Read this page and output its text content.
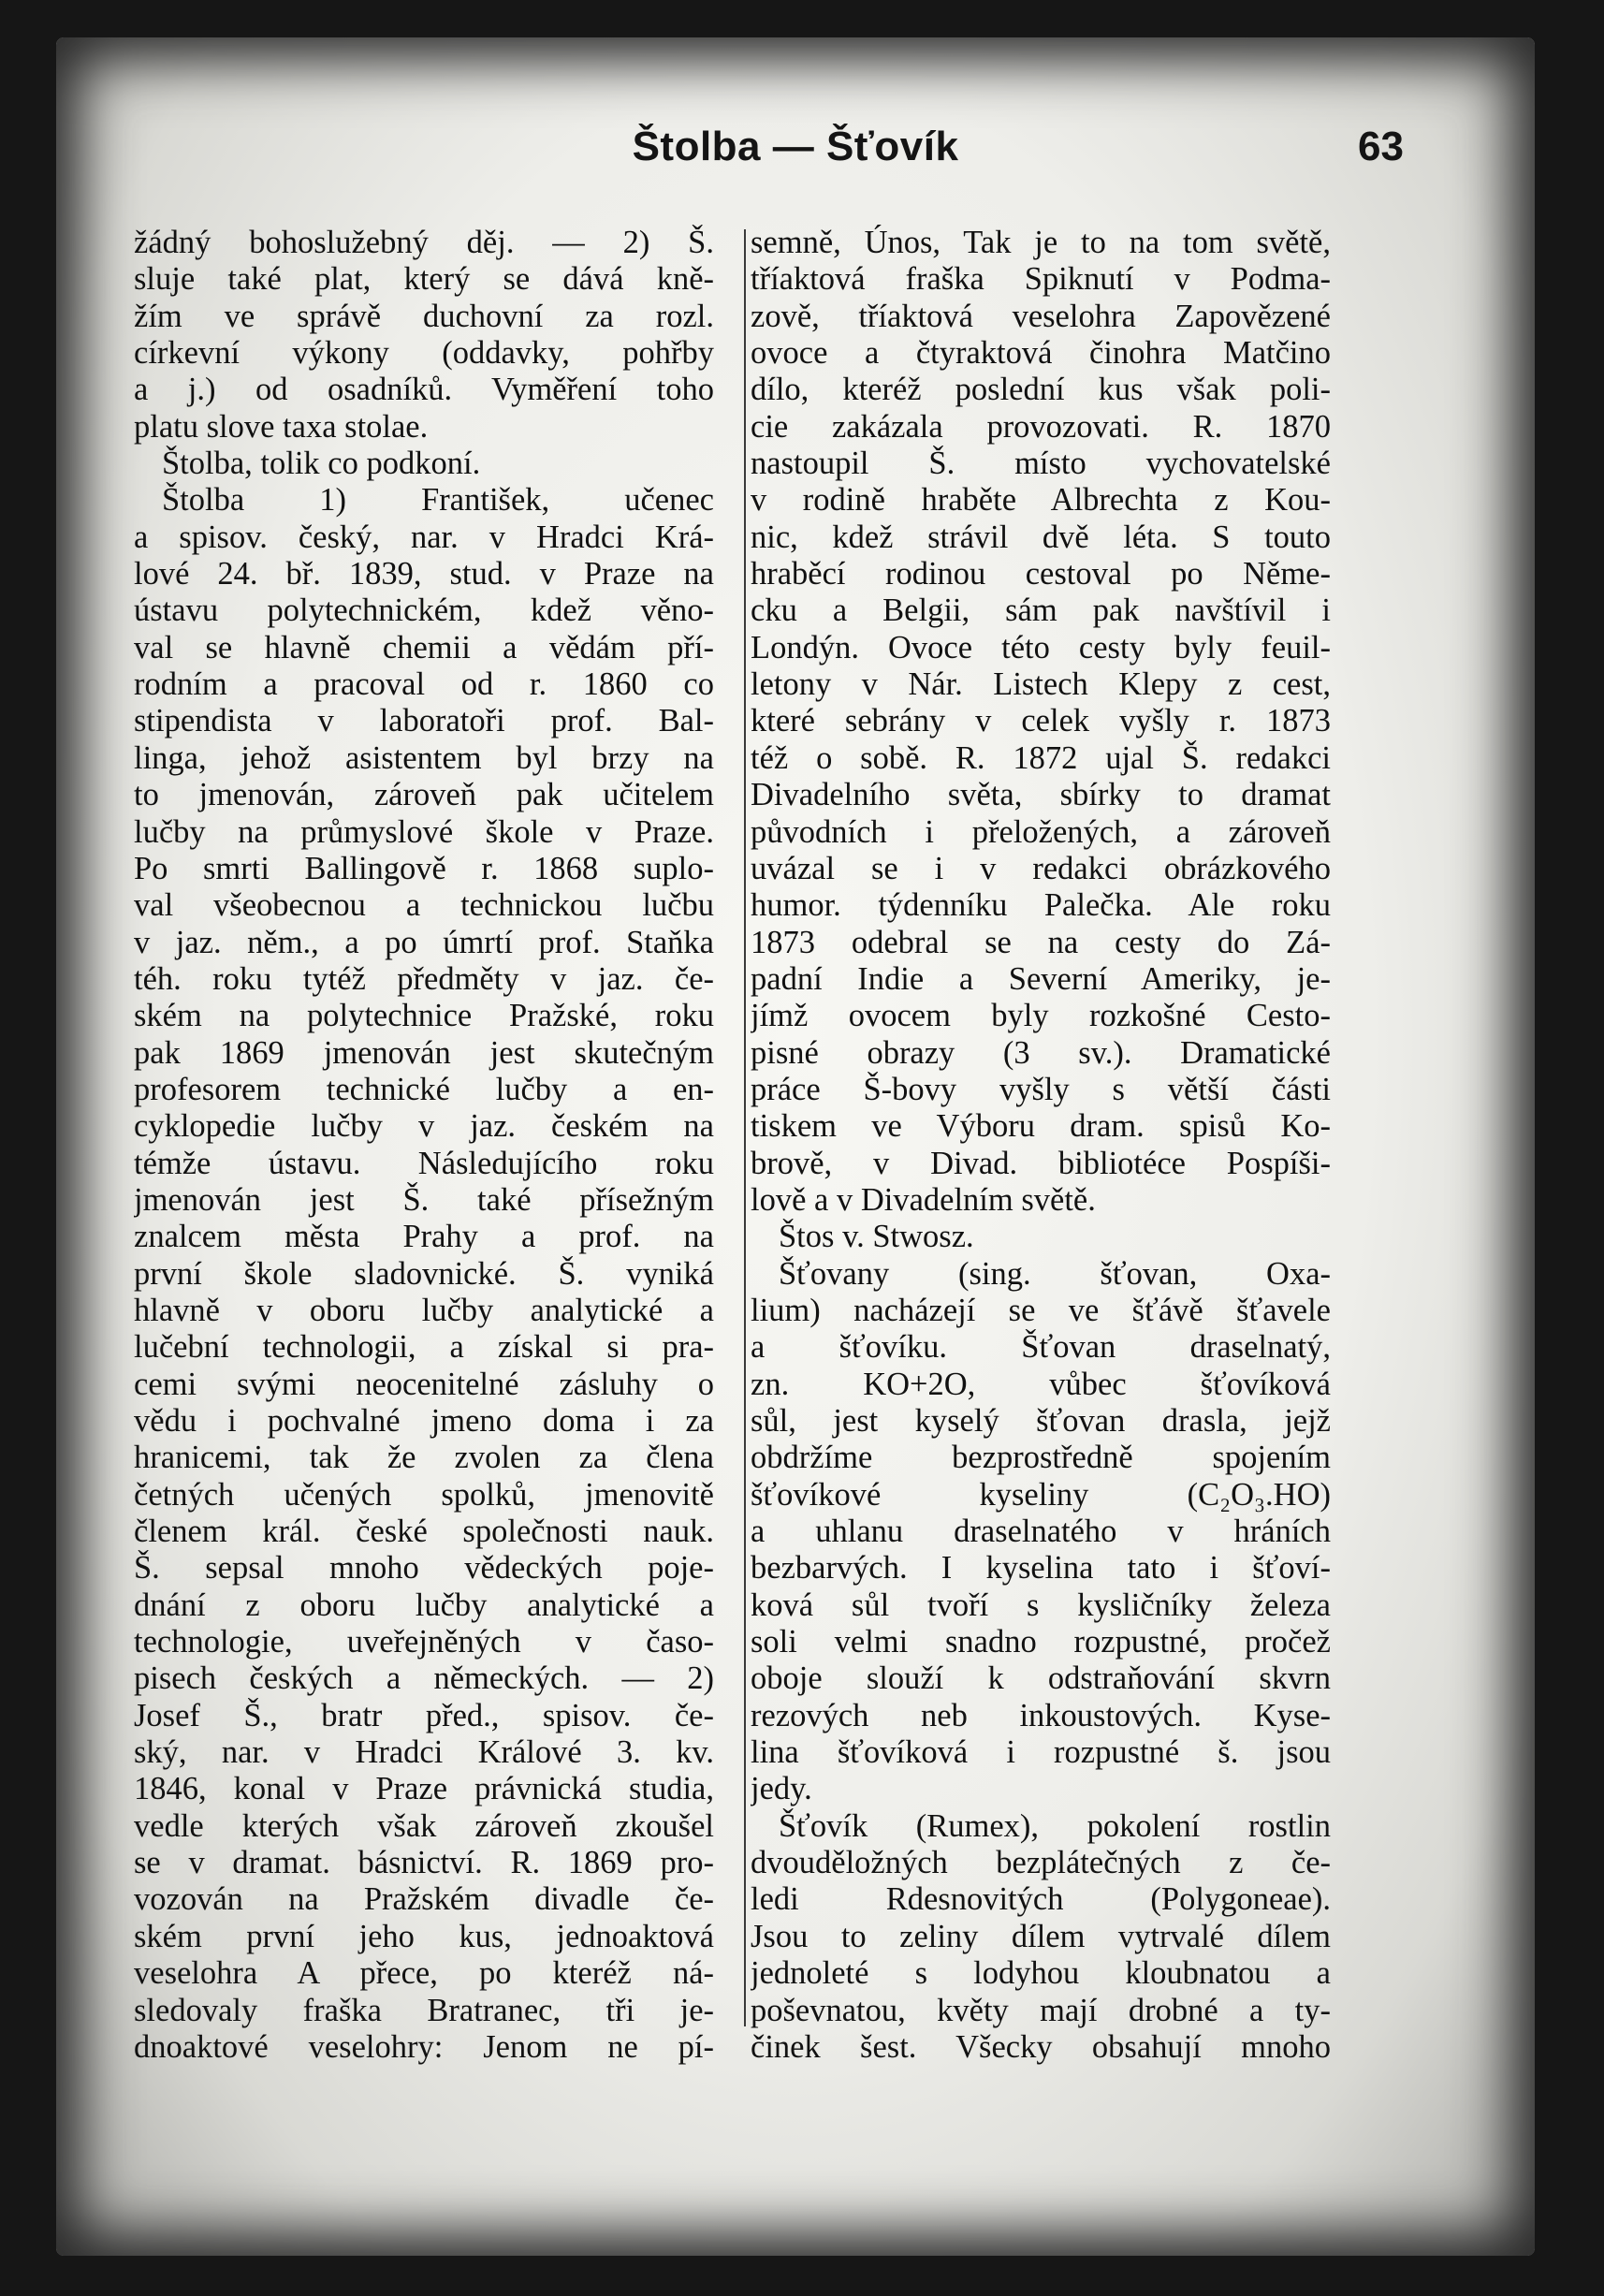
Štolba — Šťovík	63
žádný bohoslužebný děj. — 2) Š.
sluje také plat, který se dává kně-
žím ve správě duchovní za rozl.
církevní výkony (oddavky, pohřby
a j.) od osadníků. Vyměření toho
platu slove taxa stolae.
Štolba, tolik co podkoní.
Štolba 1) František, učenec
a spisov. český, nar. v Hradci Krá-
lové 24. bř. 1839, stud. v Praze na
ústavu polytechnickém, kdež věno-
val se hlavně chemii a vědám pří-
rodním a pracoval od r. 1860 co
stipendista v laboratoři prof. Bal-
linga, jehož asistentem byl brzy na
to jmenován, zároveň pak učitelem
lučby na průmyslové škole v Praze.
Po smrti Ballingově r. 1868 suplo-
val všeobecnou a technickou lučbu
v jaz. něm., a po úmrtí prof. Staňka
téh. roku tytéž předměty v jaz. če-
ském na polytechnice Pražské, roku
pak 1869 jmenován jest skutečným
profesorem technické lučby a en-
cyklopedie lučby v jaz. českém na
témže ústavu. Následujícího roku
jmenován jest Š. také přísežným
znalcem města Prahy a prof. na
první škole sladovnické. Š. vyniká
hlavně v oboru lučby analytické a
lučební technologii, a získal si pra-
cemi svými neocenitelné zásluhy o
vědu i pochvalné jmeno doma i za
hranicemi, tak že zvolen za člena
četných učených spolků, jmenovitě
členem král. české společnosti nauk.
Š. sepsal mnoho vědeckých poje-
dnání z oboru lučby analytické a
technologie, uveřejněných v časo-
pisech českých a německých. — 2)
Josef Š., bratr před., spisov. če-
ský, nar. v Hradci Králové 3. kv.
1846, konal v Praze právnická studia,
vedle kterých však zároveň zkoušel
se v dramat. básnictví. R. 1869 pro-
vozován na Pražském divadle če-
ském první jeho kus, jednoaktová
veselohra A přece, po kteréž ná-
sledovaly fraška Bratranec, tři je-
dnoaktové veselohry: Jenom ne pí-
semně, Únos, Tak je to na tom světě,
tříaktová fraška Spiknutí v Podma-
zově, tříaktová veselohra Zapovězené
ovoce a čtyraktová činohra Matčino
dílo, kteréž poslední kus však poli-
cie zakázala provozovati. R. 1870
nastoupil Š. místo vychovatelské
v rodině hraběte Albrechta z Kou-
nic, kdež strávil dvě léta. S touto
hraběcí rodinou cestoval po Něme-
cku a Belgii, sám pak navštívil i
Londýn. Ovoce této cesty byly feuil-
letony v Nár. Listech Klepy z cest,
které sebrány v celek vyšly r. 1873
též o sobě. R. 1872 ujal Š. redakci
Divadelního světa, sbírky to dramat
původních i přeložených, a zároveň
uvázal se i v redakci obrázkového
humor. týdenníku Palečka. Ale roku
1873 odebral se na cesty do Zá-
padní Indie a Severní Ameriky, je-
jímž ovocem byly rozkošné Cesto-
pisné obrazy (3 sv.). Dramatické
práce Š-bovy vyšly s větší části
tiskem ve Výboru dram. spisů Ko-
brově, v Divad. bibliotéce Pospíši-
lově a v Divadelním světě.
Štos v. Stwosz.
Šťovany (sing. šťovan, Oxa-
lium) nacházejí se ve šťávě šťavele
a šťovíku. Šťovan draselnatý,
zn. KO+2O, vůbec šťovíková
sůl, jest kyselý šťovan drasla, jejž
obdržíme bezprostředně spojením
šťovíkové kyseliny (C₂O₃.HO)
a uhlanu draselnatého v hráních
bezbarvých. I kyselina tato i šťoví-
ková sůl tvoří s kysličníky železa
soli velmi snadno rozpustné, pročež
oboje slouží k odstraňování skvrn
rezových neb inkoustových. Kyse-
lina šťovíková i rozpustné š. jsou
jedy.
Šťovík (Rumex), pokolení rostlin
dvouděložných bezplátečných z če-
ledi Rdesnovitých (Polygoneae).
Jsou to zeliny dílem vytrvalé dílem
jednoleté s lodyhou kloubnatou a
poševnatou, květy mají drobné a ty-
činek šest. Všecky obsahují mnoho
